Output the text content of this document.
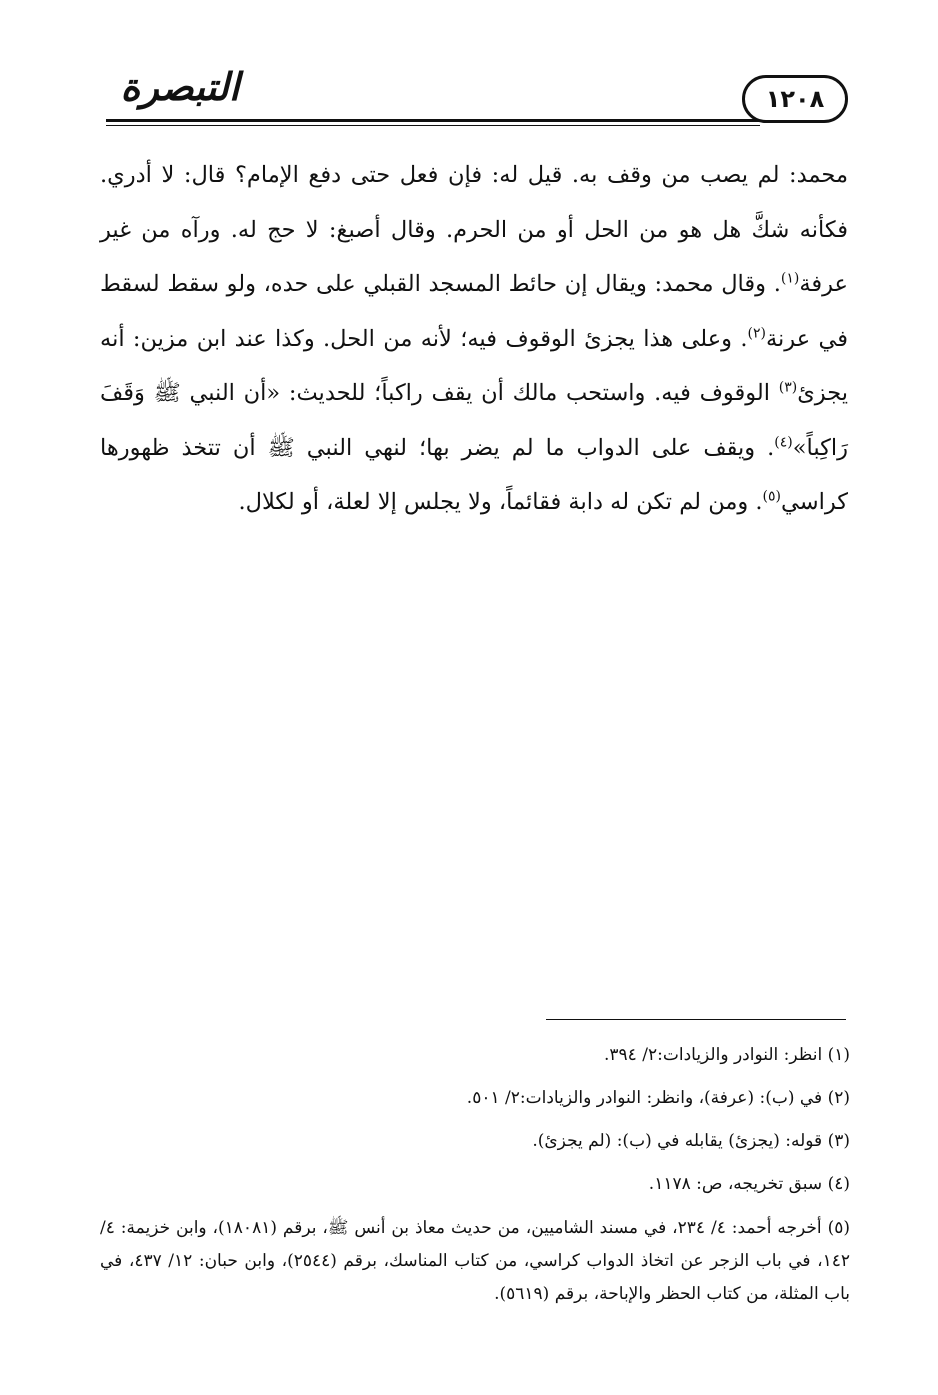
التبصرة	١٢٠٨

محمد: لم يصب من وقف به. قيل له: فإن فعل حتى دفع الإمام؟ قال: لا أدري. فكأنه شكَّ هل هو من الحل أو من الحرم. وقال أصبغ: لا حج له. ورآه من غير عرفة$^{(١)}$. وقال محمد: ويقال إن حائط المسجد القبلي على حده، ولو سقط لسقط في عرنة$^{(٢)}$. وعلى هذا يجزئ الوقوف فيه؛ لأنه من الحل. وكذا عند ابن مزين: أنه يجزئ$^{(٣)}$ الوقوف فيه. واستحب مالك أن يقف راكباً؛ للحديث: «أن النبي ﷺ وَقَفَ رَاكِباً»$^{(٤)}$. ويقف على الدواب ما لم يضر بها؛ لنهي النبي ﷺ أن تتخذ ظهورها كراسي$^{(٥)}$. ومن لم تكن له دابة فقائماً، ولا يجلس إلا لعلة، أو لكلال.

(١) انظر: النوادر والزيادات:٢/ ٣٩٤.

(٢) في (ب): (عرفة)، وانظر: النوادر والزيادات:٢/ ٥٠١.

(٣) قوله: (يجزئ) يقابله في (ب): (لم يجزئ).

(٤) سبق تخريجه، ص: ١١٧٨.

(٥) أخرجه أحمد: ٤/ ٢٣٤، في مسند الشاميين، من حديث معاذ بن أنس ﷺ، برقم (١٨٠٨١)، وابن خزيمة: ٤/ ١٤٢، في باب الزجر عن اتخاذ الدواب كراسي، من كتاب المناسك، برقم (٢٥٤٤)، وابن حبان: ١٢/ ٤٣٧، في باب المثلة، من كتاب الحظر والإباحة، برقم (٥٦١٩).
